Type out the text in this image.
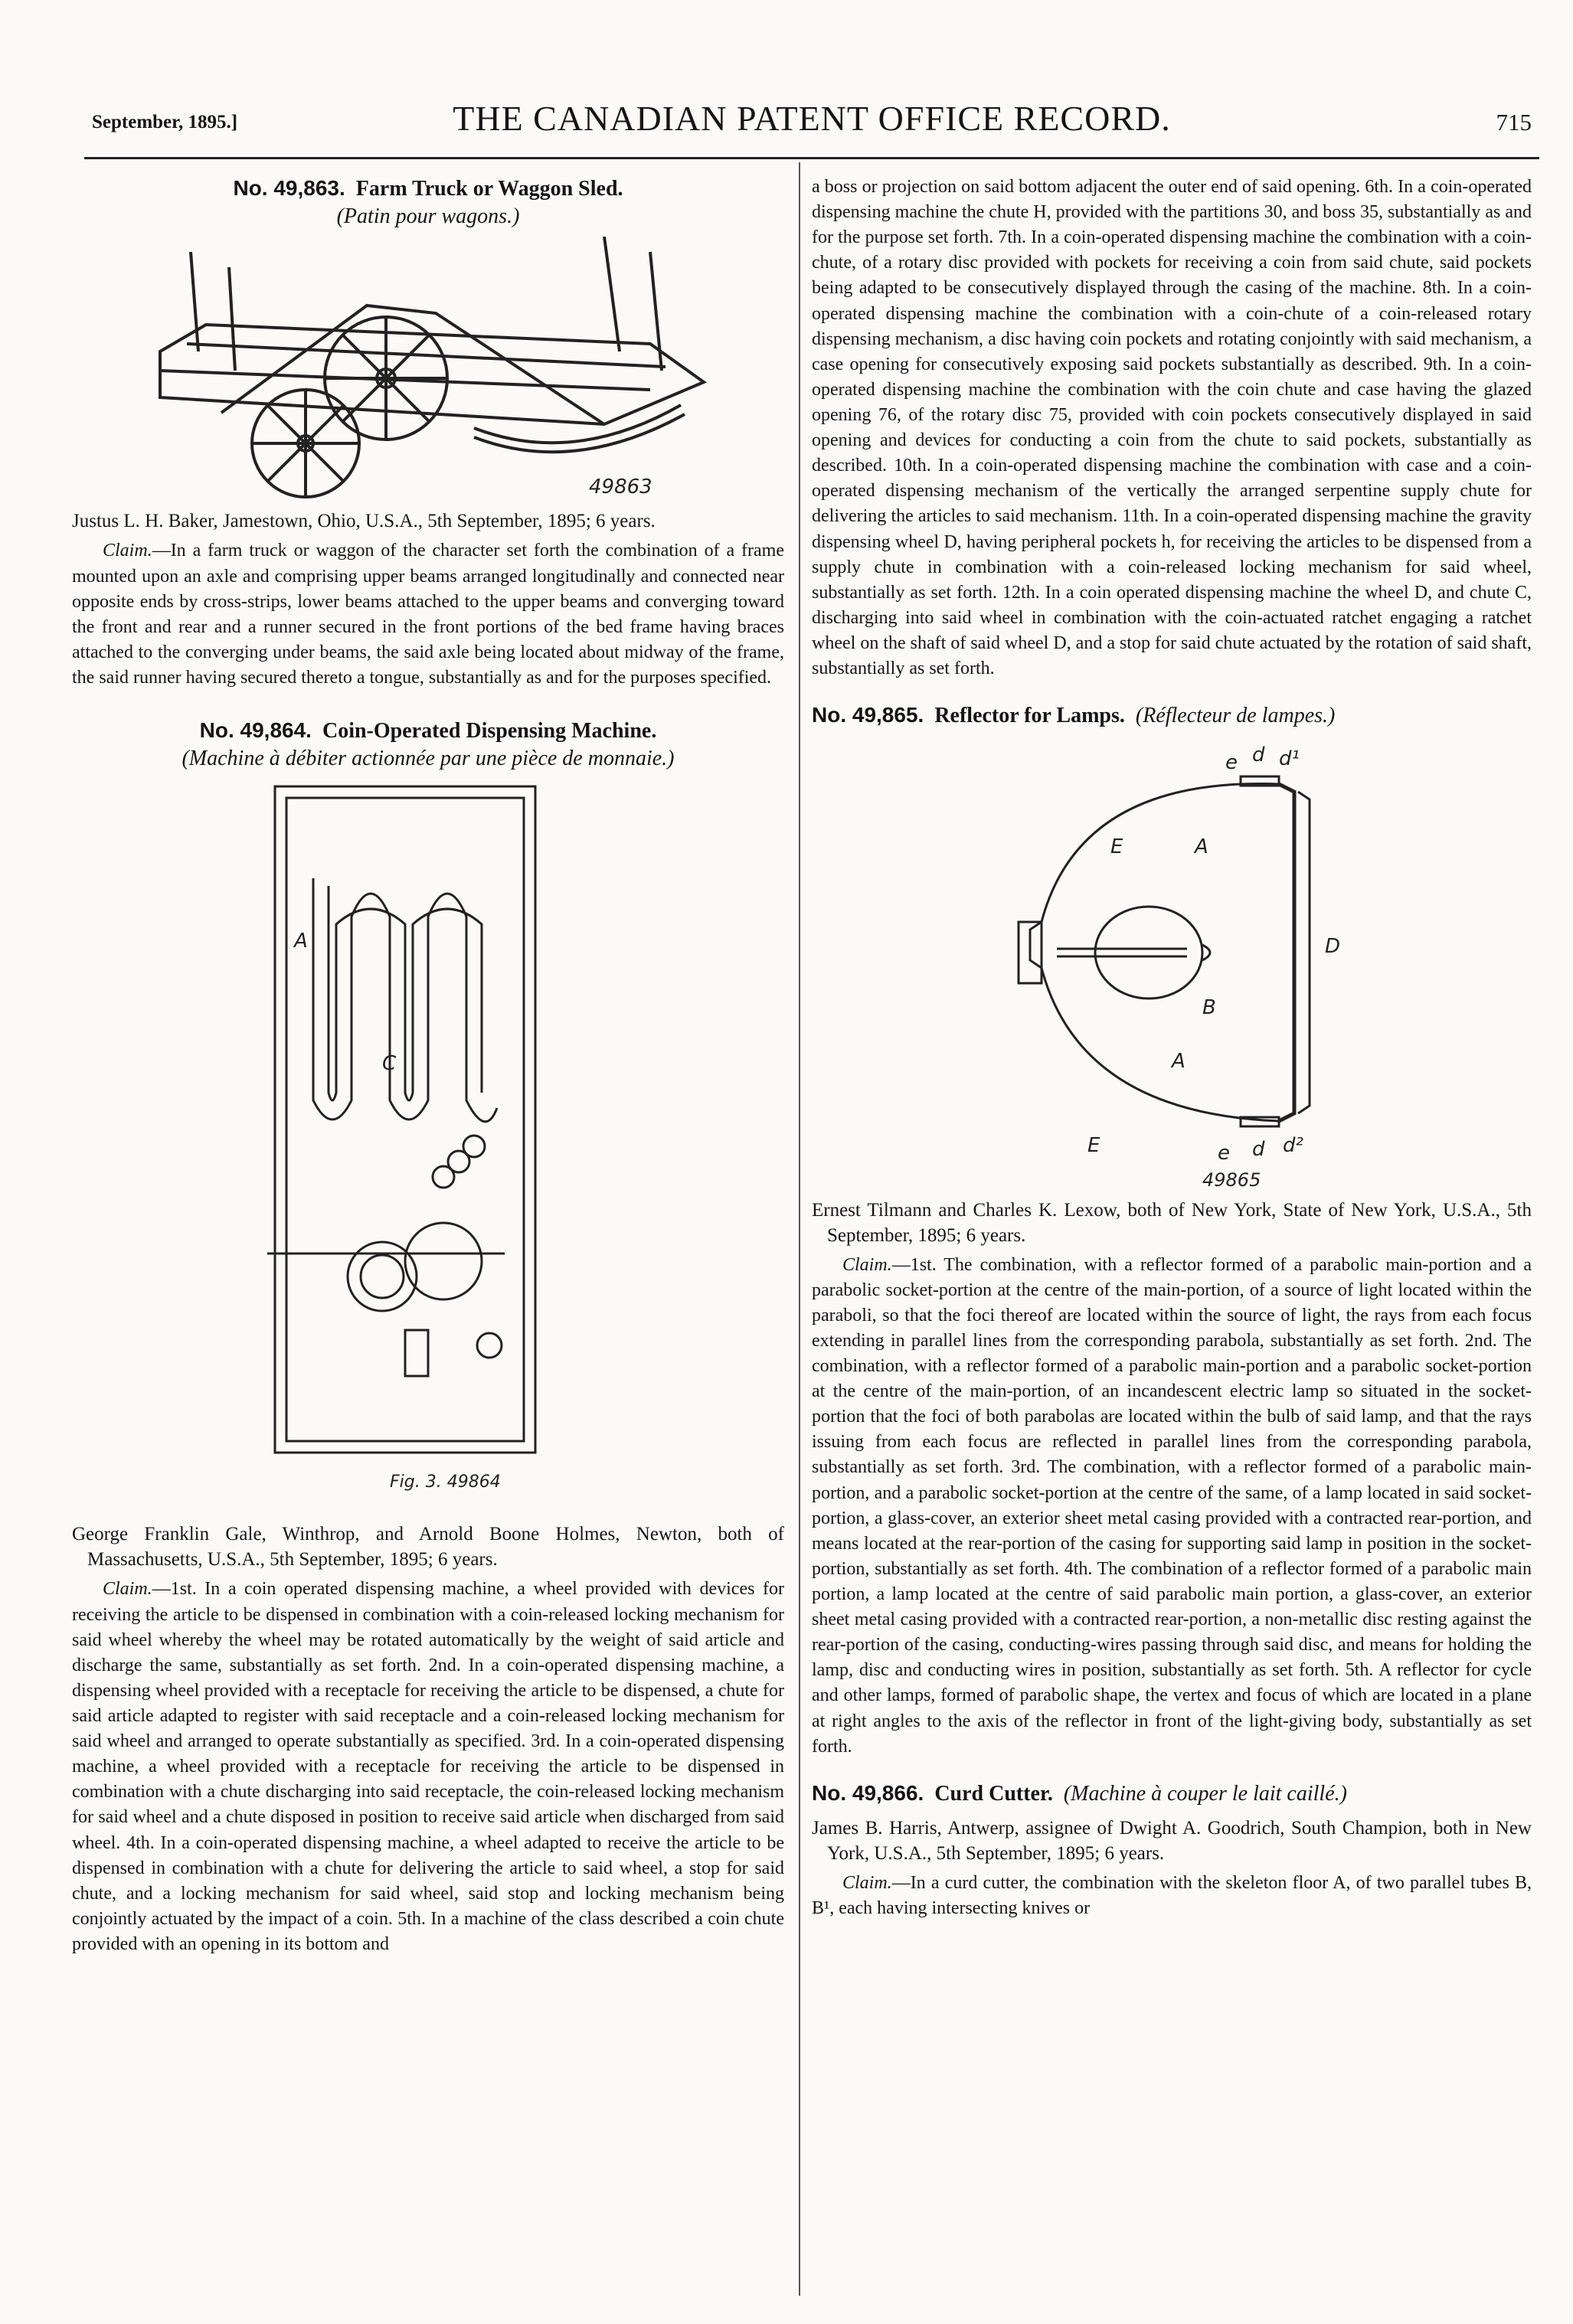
September, 1895.]	THE CANADIAN PATENT OFFICE RECORD.	715

No. 49,863. Farm Truck or Waggon Sled.

(Patin pour wagons.)

49863

Justus L. H. Baker, Jamestown, Ohio, U.S.A., 5th September, 1895; 6 years.

Claim.—In a farm truck or waggon of the character set forth the combination of a frame mounted upon an axle and comprising upper beams arranged longitudinally and connected near opposite ends by cross-strips, lower beams attached to the upper beams and converging toward the front and rear and a runner secured in the front portions of the bed frame having braces attached to the converging under beams, the said axle being located about midway of the frame, the said runner having secured thereto a tongue, substantially as and for the purposes specified.

No. 49,864. Coin-Operated Dispensing Machine.

(Machine à débiter actionnée par une pièce de monnaie.)

A
C
Fig. 3. 49864

George Franklin Gale, Winthrop, and Arnold Boone Holmes, Newton, both of Massachusetts, U.S.A., 5th September, 1895; 6 years.

Claim.—1st. In a coin operated dispensing machine, a wheel provided with devices for receiving the article to be dispensed in combination with a coin-released locking mechanism for said wheel whereby the wheel may be rotated automatically by the weight of said article and discharge the same, substantially as set forth. 2nd. In a coin-operated dispensing machine, a dispensing wheel provided with a receptacle for receiving the article to be dispensed, a chute for said article adapted to register with said receptacle and a coin-released locking mechanism for said wheel and arranged to operate substantially as specified. 3rd. In a coin-operated dispensing machine, a wheel provided with a receptacle for receiving the article to be dispensed in combination with a chute discharging into said receptacle, the coin-released locking mechanism for said wheel and a chute disposed in position to receive said article when discharged from said wheel. 4th. In a coin-operated dispensing machine, a wheel adapted to receive the article to be dispensed in combination with a chute for delivering the article to said wheel, a stop for said chute, and a locking mechanism for said wheel, said stop and locking mechanism being conjointly actuated by the impact of a coin. 5th. In a machine of the class described a coin chute provided with an opening in its bottom and

a boss or projection on said bottom adjacent the outer end of said opening. 6th. In a coin-operated dispensing machine the chute H, provided with the partitions 30, and boss 35, substantially as and for the purpose set forth. 7th. In a coin-operated dispensing machine the combination with a coin-chute, of a rotary disc provided with pockets for receiving a coin from said chute, said pockets being adapted to be consecutively displayed through the casing of the machine. 8th. In a coin-operated dispensing machine the combination with a coin-chute of a coin-released rotary dispensing mechanism, a disc having coin pockets and rotating conjointly with said mechanism, a case opening for consecutively exposing said pockets substantially as described. 9th. In a coin-operated dispensing machine the combination with the coin chute and case having the glazed opening 76, of the rotary disc 75, provided with coin pockets consecutively displayed in said opening and devices for conducting a coin from the chute to said pockets, substantially as described. 10th. In a coin-operated dispensing machine the combination with case and a coin-operated dispensing mechanism of the vertically the arranged serpentine supply chute for delivering the articles to said mechanism. 11th. In a coin-operated dispensing machine the gravity dispensing wheel D, having peripheral pockets h, for receiving the articles to be dispensed from a supply chute in combination with a coin-released locking mechanism for said wheel, substantially as set forth. 12th. In a coin operated dispensing machine the wheel D, and chute C, discharging into said wheel in combination with the coin-actuated ratchet engaging a ratchet wheel on the shaft of said wheel D, and a stop for said chute actuated by the rotation of said shaft, substantially as set forth.

No. 49,865. Reflector for Lamps. (Réflecteur de lampes.)

e d d¹
E	A
D
B
A
E	e d d²
49865

Ernest Tilmann and Charles K. Lexow, both of New York, State of New York, U.S.A., 5th September, 1895; 6 years.

Claim.—1st. The combination, with a reflector formed of a parabolic main-portion and a parabolic socket-portion at the centre of the main-portion, of a source of light located within the paraboli, so that the foci thereof are located within the source of light, the rays from each focus extending in parallel lines from the corresponding parabola, substantially as set forth. 2nd. The combination, with a reflector formed of a parabolic main-portion and a parabolic socket-portion at the centre of the main-portion, of an incandescent electric lamp so situated in the socket-portion that the foci of both parabolas are located within the bulb of said lamp, and that the rays issuing from each focus are reflected in parallel lines from the corresponding parabola, substantially as set forth. 3rd. The combination, with a reflector formed of a parabolic main-portion, and a parabolic socket-portion at the centre of the same, of a lamp located in said socket-portion, a glass-cover, an exterior sheet metal casing provided with a contracted rear-portion, and means located at the rear-portion of the casing for supporting said lamp in position in the socket-portion, substantially as set forth. 4th. The combination of a reflector formed of a parabolic main portion, a lamp located at the centre of said parabolic main portion, a glass-cover, an exterior sheet metal casing provided with a contracted rear-portion, a non-metallic disc resting against the rear-portion of the casing, conducting-wires passing through said disc, and means for holding the lamp, disc and conducting wires in position, substantially as set forth. 5th. A reflector for cycle and other lamps, formed of parabolic shape, the vertex and focus of which are located in a plane at right angles to the axis of the reflector in front of the light-giving body, substantially as set forth.

No. 49,866. Curd Cutter. (Machine à couper le lait caillé.)

James B. Harris, Antwerp, assignee of Dwight A. Goodrich, South Champion, both in New York, U.S.A., 5th September, 1895; 6 years.

Claim.—In a curd cutter, the combination with the skeleton floor A, of two parallel tubes B, B¹, each having intersecting knives or
